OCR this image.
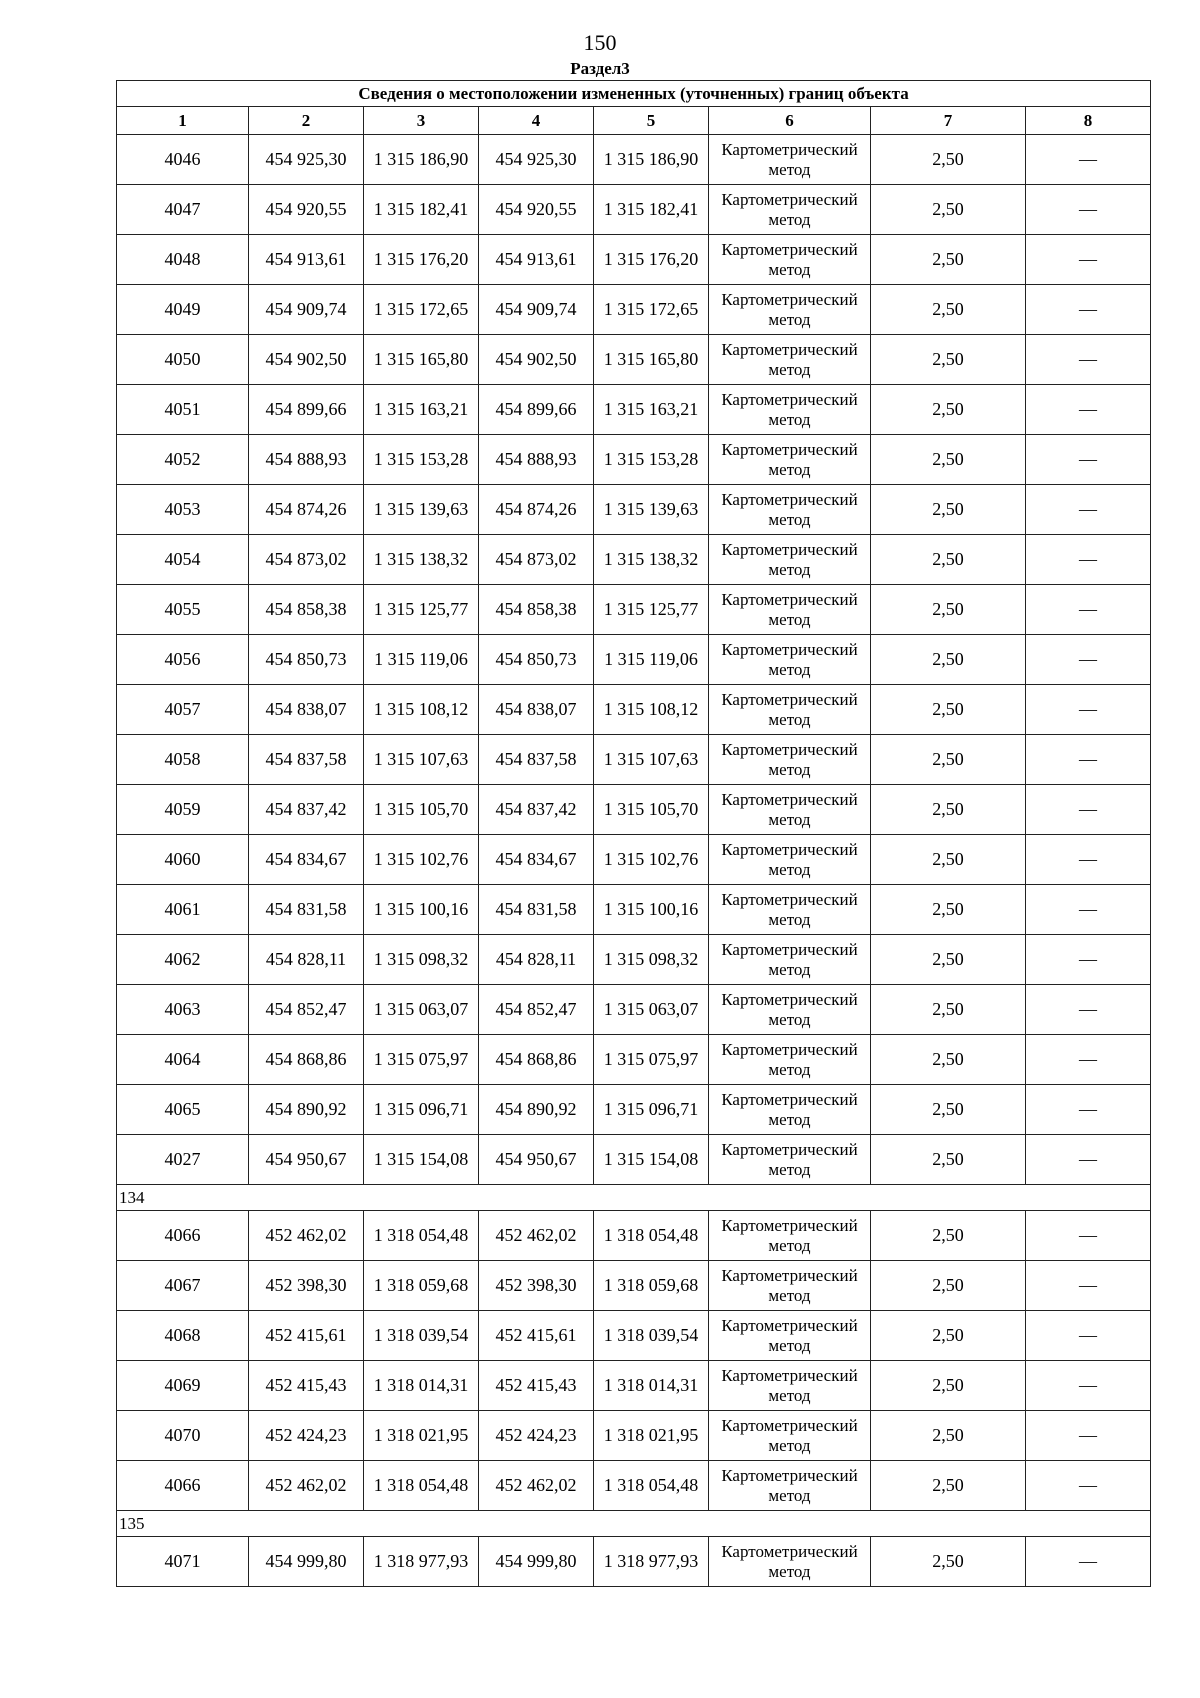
150
Раздел3
Сведения о местоположении измененных (уточненных) границ объекта							
1	2	3	4	5	6	7	8
4046	454 925,30	1 315 186,90	454 925,30	1 315 186,90	Картометрический метод	2,50	—
4047	454 920,55	1 315 182,41	454 920,55	1 315 182,41	Картометрический метод	2,50	—
4048	454 913,61	1 315 176,20	454 913,61	1 315 176,20	Картометрический метод	2,50	—
4049	454 909,74	1 315 172,65	454 909,74	1 315 172,65	Картометрический метод	2,50	—
4050	454 902,50	1 315 165,80	454 902,50	1 315 165,80	Картометрический метод	2,50	—
4051	454 899,66	1 315 163,21	454 899,66	1 315 163,21	Картометрический метод	2,50	—
4052	454 888,93	1 315 153,28	454 888,93	1 315 153,28	Картометрический метод	2,50	—
4053	454 874,26	1 315 139,63	454 874,26	1 315 139,63	Картометрический метод	2,50	—
4054	454 873,02	1 315 138,32	454 873,02	1 315 138,32	Картометрический метод	2,50	—
4055	454 858,38	1 315 125,77	454 858,38	1 315 125,77	Картометрический метод	2,50	—
4056	454 850,73	1 315 119,06	454 850,73	1 315 119,06	Картометрический метод	2,50	—
4057	454 838,07	1 315 108,12	454 838,07	1 315 108,12	Картометрический метод	2,50	—
4058	454 837,58	1 315 107,63	454 837,58	1 315 107,63	Картометрический метод	2,50	—
4059	454 837,42	1 315 105,70	454 837,42	1 315 105,70	Картометрический метод	2,50	—
4060	454 834,67	1 315 102,76	454 834,67	1 315 102,76	Картометрический метод	2,50	—
4061	454 831,58	1 315 100,16	454 831,58	1 315 100,16	Картометрический метод	2,50	—
4062	454 828,11	1 315 098,32	454 828,11	1 315 098,32	Картометрический метод	2,50	—
4063	454 852,47	1 315 063,07	454 852,47	1 315 063,07	Картометрический метод	2,50	—
4064	454 868,86	1 315 075,97	454 868,86	1 315 075,97	Картометрический метод	2,50	—
4065	454 890,92	1 315 096,71	454 890,92	1 315 096,71	Картометрический метод	2,50	—
4027	454 950,67	1 315 154,08	454 950,67	1 315 154,08	Картометрический метод	2,50	—
134							
4066	452 462,02	1 318 054,48	452 462,02	1 318 054,48	Картометрический метод	2,50	—
4067	452 398,30	1 318 059,68	452 398,30	1 318 059,68	Картометрический метод	2,50	—
4068	452 415,61	1 318 039,54	452 415,61	1 318 039,54	Картометрический метод	2,50	—
4069	452 415,43	1 318 014,31	452 415,43	1 318 014,31	Картометрический метод	2,50	—
4070	452 424,23	1 318 021,95	452 424,23	1 318 021,95	Картометрический метод	2,50	—
4066	452 462,02	1 318 054,48	452 462,02	1 318 054,48	Картометрический метод	2,50	—
135							
4071	454 999,80	1 318 977,93	454 999,80	1 318 977,93	Картометрический метод	2,50	—
